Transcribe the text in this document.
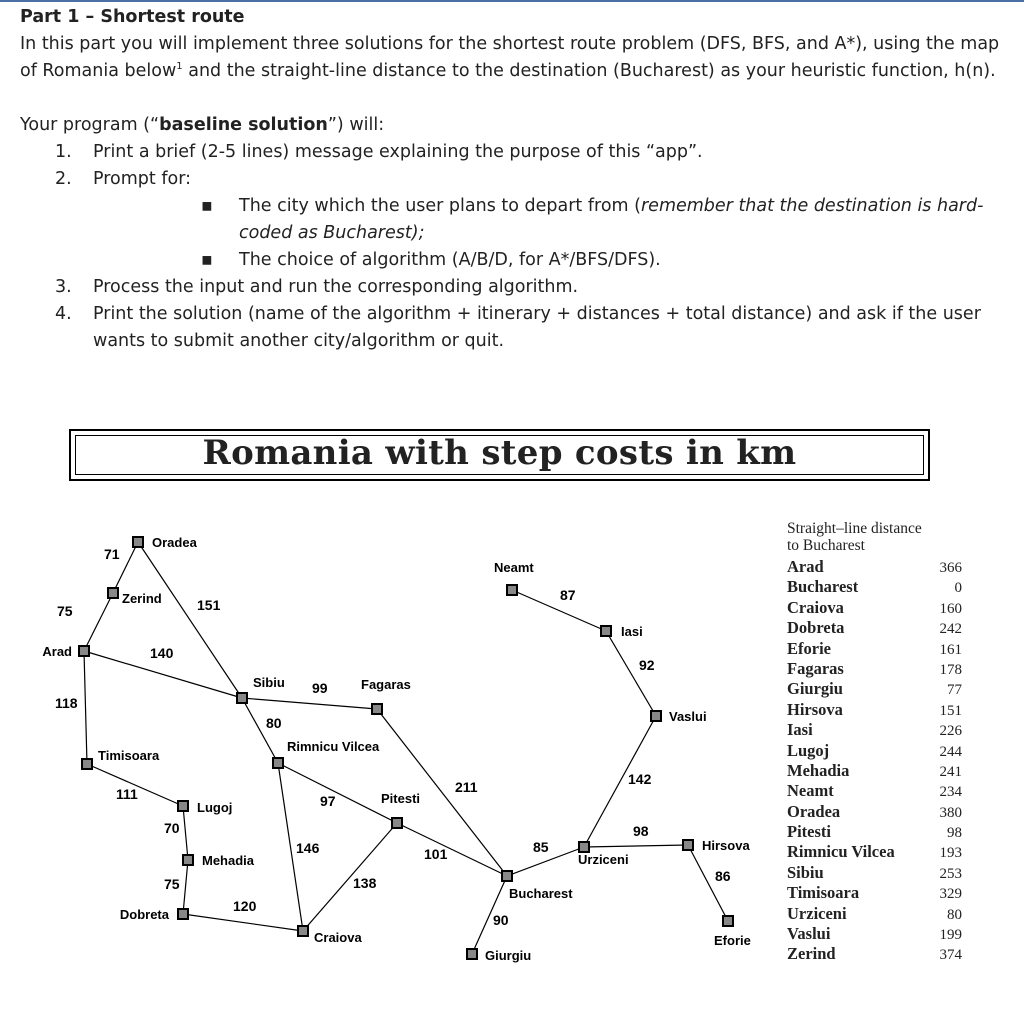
Part 1 – Shortest route

In this part you will implement three solutions for the shortest route problem (DFS, BFS, and A*), using the map of Romania below$^1$ and the straight-line distance to the destination (Bucharest) as your heuristic function, h(n).

Your program (“baseline solution”) will:
1. Print a brief (2-5 lines) message explaining the purpose of this “app”.
2. Prompt for:
▪ The city which the user plans to depart from (remember that the destination is hard-coded as Bucharest);
▪ The choice of algorithm (A/B/D, for A*/BFS/DFS).
3. Process the input and run the corresponding algorithm.
4. Print the solution (name of the algorithm + itinerary + distances + total distance) and ask if the user wants to submit another city/algorithm or quit.
Romania with step costs in km
71
75	151
140
118
111
70
75
120
99
80
97
146
138
211
101
90
85
98
86
142
92
87
Oradea
Zerind
Arad
Timisoara
Lugoj
Mehadia
Dobreta
Sibiu
Rimnicu Vilcea
Craiova
Fagaras
Pitesti
Bucharest
Giurgiu
Urziceni
Hirsova
Eforie
Vaslui
Iasi
Neamt
Straight–line distance
to Bucharest
Arad	366
Bucharest	0
Craiova	160
Dobreta	242
Eforie	161
Fagaras	178
Giurgiu	77
Hirsova	151
Iasi	226
Lugoj	244
Mehadia	241
Neamt	234
Oradea	380
Pitesti	98
Rimnicu Vilcea	193
Sibiu	253
Timisoara	329
Urziceni	80
Vaslui	199
Zerind	374
